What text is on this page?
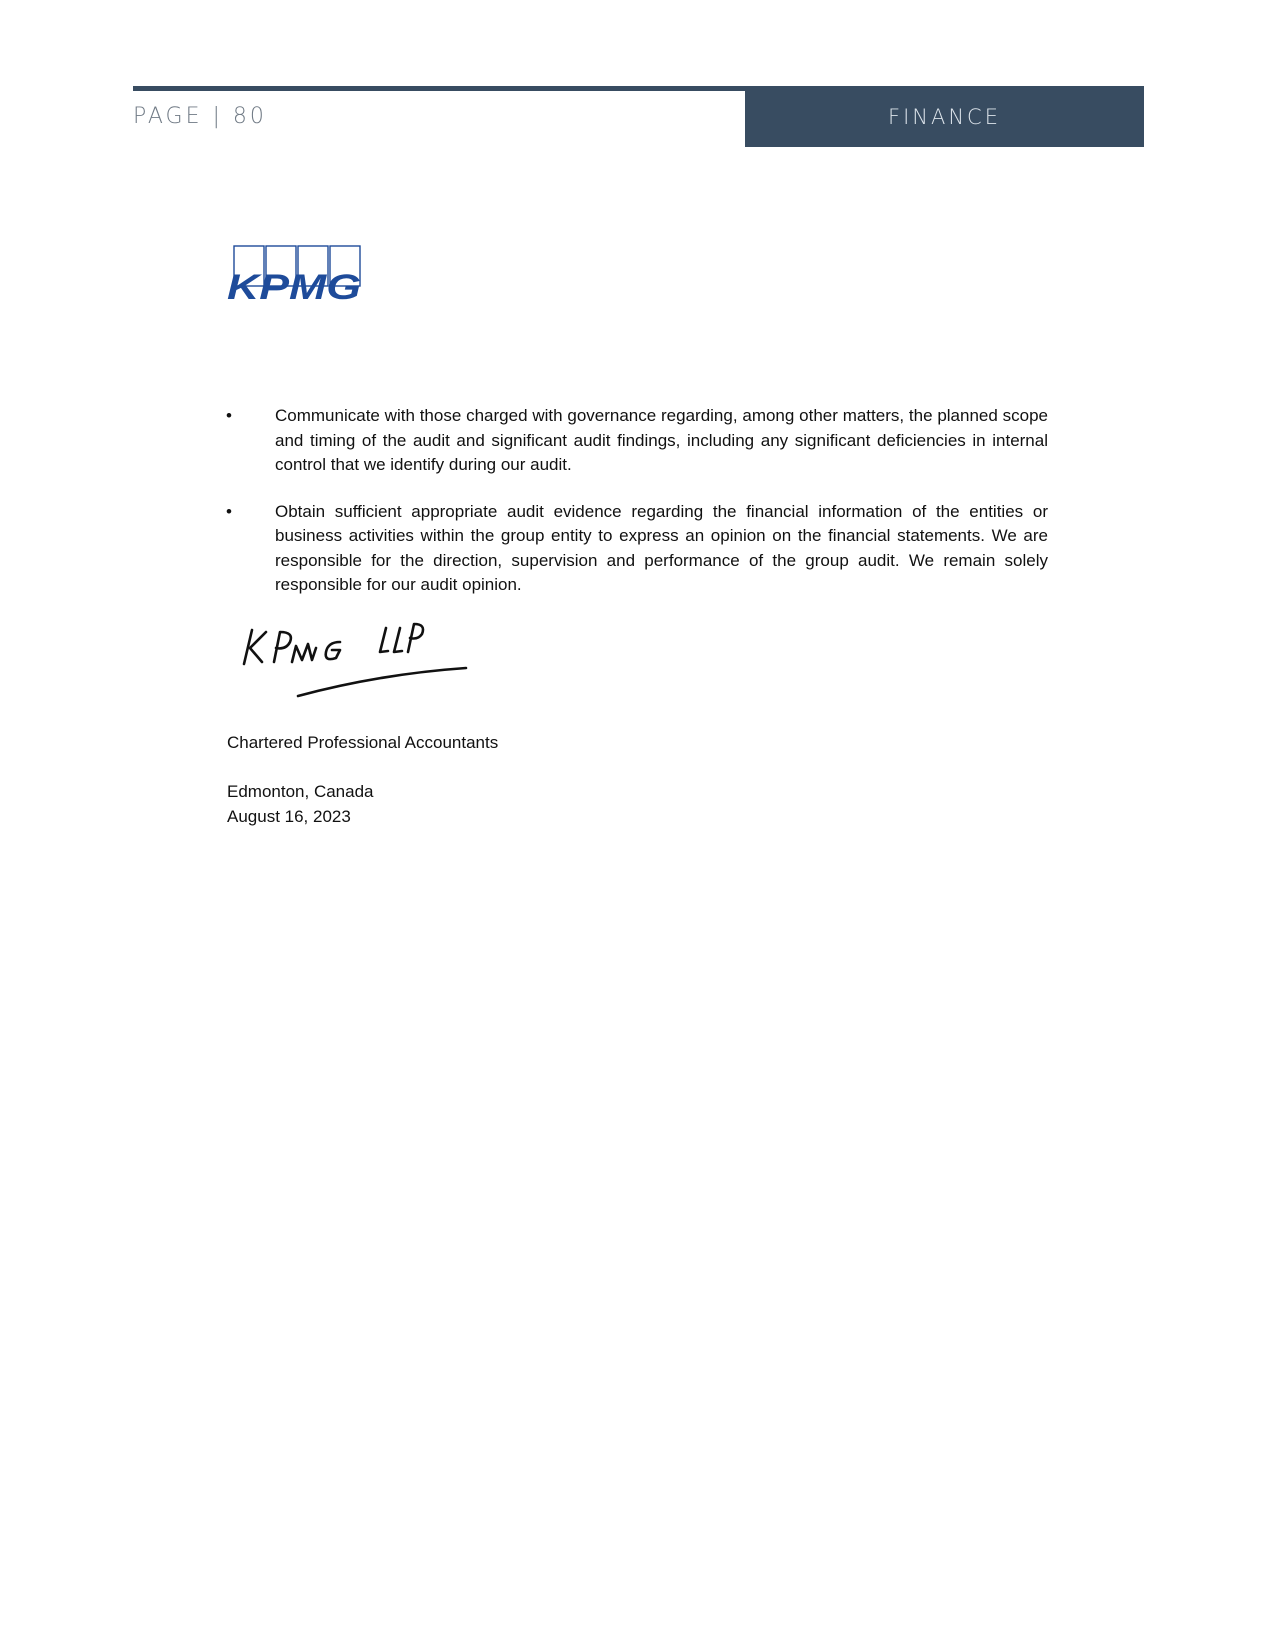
PAGE | 80	FINANCE
KPMG
•	Communicate with those charged with governance regarding, among other matters, the planned scope and timing of the audit and significant audit findings, including any significant deficiencies in internal control that we identify during our audit.

•	Obtain sufficient appropriate audit evidence regarding the financial information of the entities or business activities within the group entity to express an opinion on the financial statements. We are responsible for the direction, supervision and performance of the group audit. We remain solely responsible for our audit opinion.

Chartered Professional Accountants
Edmonton, Canada
August 16, 2023
